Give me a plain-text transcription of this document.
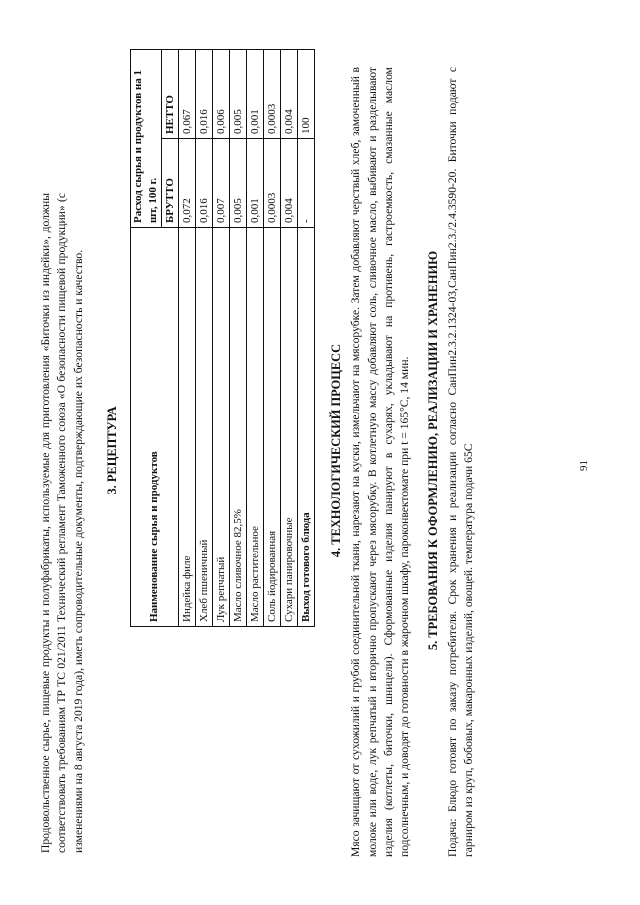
Продовольственное сырье, пищевые продукты и полуфабрикаты, используемые для приготовления «Биточки из индейки», должны соответствовать требованиям ТР ТС 021/2011 Технический регламент Таможенного союза «О безопасности пищевой продукции» (с изменениями на 8 августа 2019 года), иметь сопроводительные документы, подтверждающие их безопасность и качество. 3. РЕЦЕПТУРА
Наименование сырья и продуктов	Расход сырья и продуктов на 1 шт, 100 г.	
	БРУТТО	НЕТТО
Индейка филе	0,072	0,067
Хлеб пшеничный	0,016	0,016
Лук репчатый	0,007	0,006
Масло сливочное 82,5%	0,005	0,005
Масло растительное	0,001	0,001
Соль йодированная	0,0003	0,0003
Сухари панировочные	0,004	0,004
Выход готового блюда	-	100
4. ТЕХНОЛОГИЧЕСКИЙ ПРОЦЕСС Мясо зачищают от сухожилий и грубой соединительной ткани, нарезают на куски, измельчают на мясорубке. Затем добавляют черствый хлеб, замоченный в молоке или воде, лук репчатый и вторично пропускают через мясорубку. В котлетную массу добавляют соль, сливочное масло, выбивают и разделывают изделия (котлеты, биточки, шницели). Сформованные изделия панируют в сухарях, укладывают на противень, гастроемкость, смазанные маслом подсолнечным, и доводят до готовности в жарочном шкафу, пароконвектомате при t = 165°C, 14 мин. 5. ТРЕБОВАНИЯ К ОФОРМЛЕНИЮ, РЕАЛИЗАЦИИ И ХРАНЕНИЮ Подача: Блюдо готовят по заказу потребителя. Срок хранения и реализации согласно СанПин2.3.2.1324-03,СанПин2.3./2.4.3590-20. Биточки подают с гарниром из круп, бобовых, макаронных изделий, овощей. температура подачи 65С	91
